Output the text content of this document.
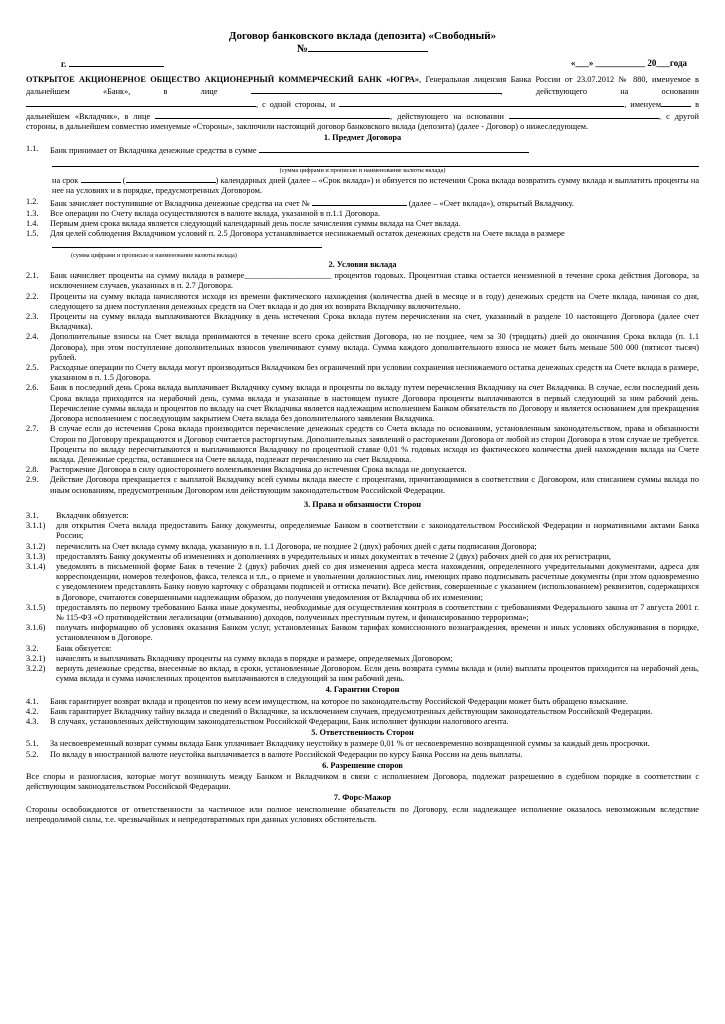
Договор банковского вклада (депозита) «Свободный»
№
г.	«___» ___________ 20___года
ОТКРЫТОЕ АКЦИОНЕРНОЕ ОБЩЕСТВО АКЦИОНЕРНЫЙ КОММЕРЧЕСКИЙ БАНК «ЮГРА», Генеральная лицензия Банка России от 23.07.2012 № 880, именуемое в дальнейшем «Банк», в лице	, действующего на основании , с одной стороны, и	, именуем	в дальнейшем «Вкладчик», в лице	, действующего на основании	, с другой стороны, в дальнейшем совместно именуемые «Стороны», заключили настоящий договор банковского вклада (депозита) (далее - Договор) о нижеследующем.
1. Предмет Договора
1.1.	Банк принимает от Вкладчика денежные средства в сумме
(сумма цифрами и прописью и наименование валюты вклада)
на срок	(	) календарных дней (далее – «Срок вклада») и обязуется по истечении Срока вклада возвратить сумму вклада и выплатить проценты на нее на условиях и в порядке, предусмотренных Договором.
1.2.	Банк зачисляет поступившие от Вкладчика денежные средства на счет №	(далее – «Счет вклада»), открытый Вкладчику.
1.3.	Все операции по Счету вклада осуществляются в валюте вклада, указанной в п.1.1 Договора.
1.4.	Первым днем срока вклада является следующий календарный день после зачисления суммы вклада на Счет вклада.
1.5.	Для целей соблюдения Вкладчиком условий п. 2.5 Договора устанавливается неснижаемый остаток денежных средств на Счете вклада в размере
(сумма цифрами и прописью и наименование валюты вклада)
2. Условия вклада
2.1.	Банк начисляет проценты на сумму вклада в размере_____________________ процентов годовых. Процентная ставка остается неизменной в течение срока действия Договора, за исключением случаев, указанных в п. 2.7 Договора.
2.2.	Проценты на сумму вклада начисляются исходя из времени фактического нахождения (количества дней в месяце и в году) денежных средств на Счете вклада, начиная со дня, следующего за днем поступления денежных средств на Счет вклада и до дня их возврата Вкладчику включительно.
2.3.	Проценты на сумму вклада выплачиваются Вкладчику в день истечения Срока вклада путем перечисления на счет, указанный в разделе 10 настоящего Договора (далее счет Вкладчика).
2.4.	Дополнительные взносы на Счет вклада принимаются в течение всего срока действия Договора, но не позднее, чем за 30 (тридцать) дней до окончания Срока вклада (п. 1.1 Договора), при этом поступление дополнительных взносов увеличивают сумму вклада. Сумма каждого дополнительного взноса не может быть меньше 500 000 (пятисот тысяч) рублей.
2.5.	Расходные операции по Счету вклада могут производиться Вкладчиком без ограничений при условии сохранения неснижаемого остатка денежных средств на Счете вклада в размере, указанном в п. 1.5 Договора.
2.6.	Банк в последний день Срока вклада выплачивает Вкладчику сумму вклада и проценты по вкладу путем перечисления Вкладчику на счет Вкладчика. В случае, если последний день Срока вклада приходится на нерабочий день, сумма вклада и указанные в настоящем пункте Договора проценты выплачиваются в первый следующий за ним рабочий день. Перечисление суммы вклада и процентов по вкладу на счет Вкладчика является надлежащим исполнением Банком обязательств по Договору и является основанием для прекращения Договора исполнением с последующим закрытием Счета вклада без дополнительного заявления Вкладчика.
2.7.	В случае если до истечения Срока вклада производится перечисление денежных средств со Счета вклада по основаниям, установленным законодательством, права и обязанности Сторон по Договору прекращаются и Договор считается расторгнутым. Дополнительных заявлений о расторжении Договора от любой из сторон Договора в этом случае не требуется. Проценты по вкладу пересчитываются и выплачиваются Вкладчику по процентной ставке 0,01 % годовых исходя из фактического количества дней нахождения вклада на Счете вклада. Денежные средства, оставшиеся на Счете вклада, подлежат перечислению на счет Вкладчика.
2.8.	Расторжение Договора в силу одностороннего волеизъявления Вкладчика до истечения Срока вклада не допускается.
2.9.	Действие Договора прекращается с выплатой Вкладчику всей суммы вклада вместе с процентами, причитающимися в соответствии с Договором, или списанием суммы вклада по иным основаниям, предусмотренным Договором или действующим законодательством Российской Федерации.
3. Права и обязанности Сторон
3.1.	Вкладчик обязуется:
3.1.1)	для открытия Счета вклада предоставить Банку документы, определяемые Банком в соответствии с законодательством Российской Федерации и нормативными актами Банка России;
3.1.2)	перечислить на Счет вклада сумму вклада, указанную в п. 1.1 Договора, не позднее 2 (двух) рабочих дней с даты подписания Договора;
3.1.3)	предоставлять Банку документы об изменениях и дополнениях в учредительных и иных документах в течение 2 (двух) рабочих дней со дня их регистрации,
3.1.4)	уведомлять в письменной форме Банк в течение 2 (двух) рабочих дней со дня изменения адреса места нахождения, определенного учредительными документами, адреса для корреспонденции, номеров телефонов, факса, телекса и т.п., о приеме и увольнении должностных лиц, имеющих право подписывать расчетные документы (при этом одновременно с уведомлением представлять Банку новую карточку с образцами подписей и оттиска печати). Все действия, совершенные с указанием (использованием) реквизитов, содержащихся в Договоре, считаются совершенными надлежащим образом, до получения уведомления от Вкладчика об их изменении;
3.1.5)	предоставлять по первому требованию Банка иные документы, необходимые для осуществления контроля в соответствии с требованиями Федерального закона от 7 августа 2001 г. № 115-ФЗ «О противодействии легализации (отмыванию) доходов, полученных преступным путем, и финансированию терроризма»;
3.1.6)	получать информацию об условиях оказания Банком услуг, установленных Банком тарифах комиссионного вознаграждения, времени и иных условиях обслуживания в порядке, установленном в Договоре.
3.2.	Банк обязуется:
3.2.1)	начислять и выплачивать Вкладчику проценты на сумму вклада в порядке и размере, определяемых Договором;
3.2.2)	вернуть денежные средства, внесенные во вклад, в сроки, установленные Договором. Если день возврата суммы вклада и (или) выплаты процентов приходится на нерабочий день, сумма вклада и сумма начисленных процентов выплачиваются в следующий за ним рабочий день.
4. Гарантии Сторон
4.1.	Банк гарантирует возврат вклада и процентов по нему всем имуществом, на которое по законодательству Российской Федерации может быть обращено взыскание.
4.2.	Банк гарантирует Вкладчику тайну вклада и сведений о Вкладчике, за исключением случаев, предусмотренных действующим законодательством Российской Федерации.
4.3.	В случаях, установленных действующим законодательством Российской Федерации, Банк исполняет функции налогового агента.
5. Ответственность Сторон
5.1.	За несвоевременный возврат суммы вклада Банк уплачивает Вкладчику неустойку в размере 0,01 % от несвоевременно возвращенной суммы за каждый день просрочки.
5.2.	По вкладу в иностранной валюте неустойка выплачивается в валюте Российской Федерации по курсу Банка России на день выплаты.
6. Разрешение споров
Все споры и разногласия, которые могут возникнуть между Банком и Вкладчиком в связи с исполнением Договора, подлежат разрешению в судебном порядке в соответствии с действующим законодательством Российской Федерации.
7. Форс-Мажор
Стороны освобождаются от ответственности за частичное или полное неисполнение обязательств по Договору, если надлежащее исполнение оказалось невозможным вследствие непреодолимой силы, т.е. чрезвычайных и непредотвратимых при данных условиях обстоятельств.
